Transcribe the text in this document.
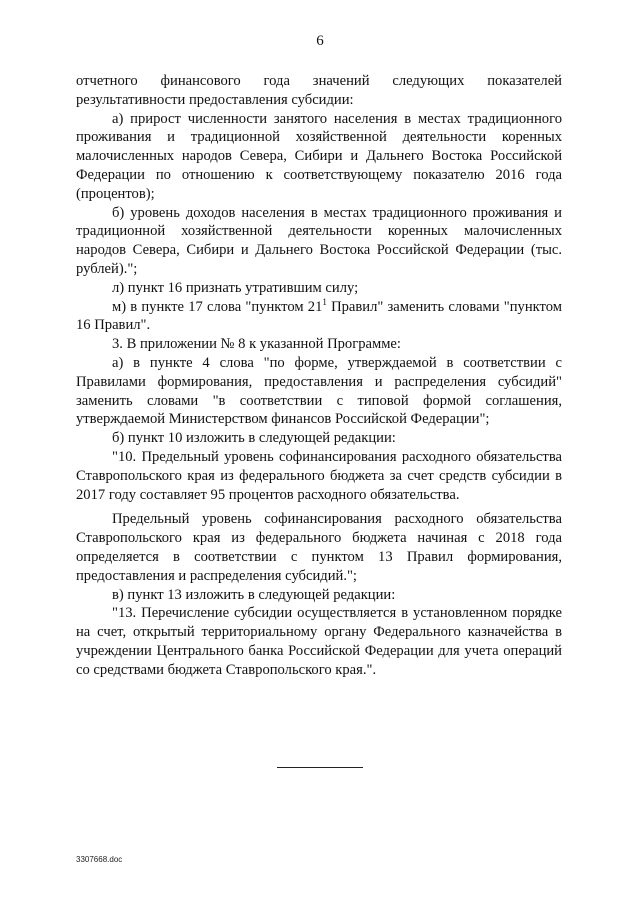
6

отчетного финансового года значений следующих показателей результативности предоставления субсидии:

а) прирост численности занятого населения в местах традиционного проживания и традиционной хозяйственной деятельности коренных малочисленных народов Севера, Сибири и Дальнего Востока Российской Федерации по отношению к соответствующему показателю 2016 года (процентов);

б) уровень доходов населения в местах традиционного проживания и традиционной хозяйственной деятельности коренных малочисленных народов Севера, Сибири и Дальнего Востока Российской Федерации (тыс. рублей).";

л) пункт 16 признать утратившим силу;

м) в пункте 17 слова "пунктом $21^1$ Правил" заменить словами "пунктом 16 Правил".

3. В приложении № 8 к указанной Программе:

а) в пункте 4 слова "по форме, утверждаемой в соответствии с Правилами формирования, предоставления и распределения субсидий" заменить словами "в соответствии с типовой формой соглашения, утверждаемой Министерством финансов Российской Федерации";

б) пункт 10 изложить в следующей редакции:

"10. Предельный уровень софинансирования расходного обязательства Ставропольского края из федерального бюджета за счет средств субсидии в 2017 году составляет 95 процентов расходного обязательства.

Предельный уровень софинансирования расходного обязательства Ставропольского края из федерального бюджета начиная с 2018 года определяется в соответствии с пунктом 13 Правил формирования, предоставления и распределения субсидий.";

в) пункт 13 изложить в следующей редакции:

"13. Перечисление субсидии осуществляется в установленном порядке на счет, открытый территориальному органу Федерального казначейства в учреждении Центрального банка Российской Федерации для учета операций со средствами бюджета Ставропольского края.".

3307668.doc
